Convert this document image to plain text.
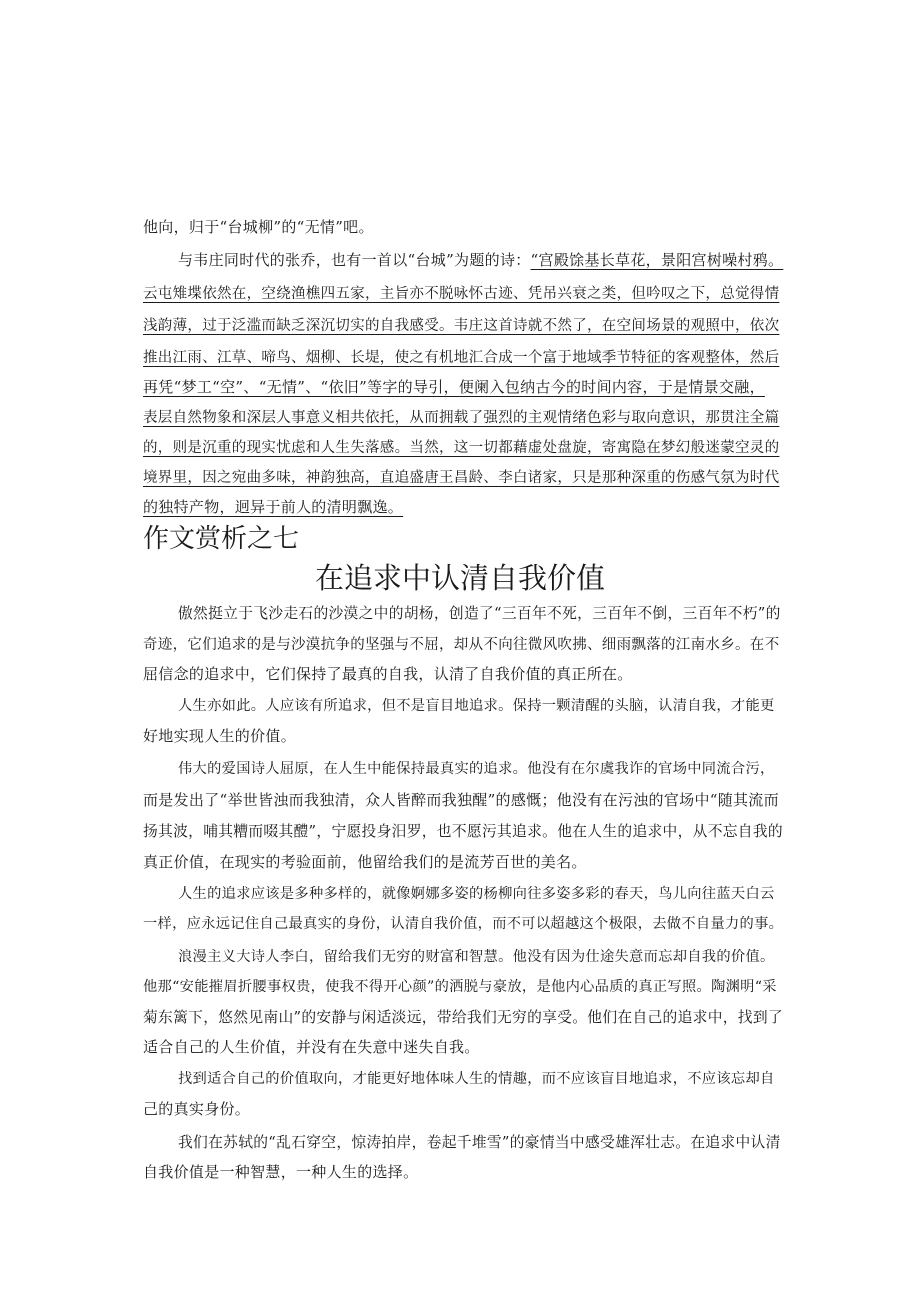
他向，归于“台城柳”的“无情”吧。
与韦庄同时代的张乔，也有一首以“台城”为题的诗：“宫殿馀基长草花，景阳宫树噪村鸦。
云屯雉堞依然在，空绕渔樵四五家，主旨亦不脱咏怀古迹、凭吊兴衰之类，但吟叹之下，总觉得情
浅韵薄，过于泛滥而缺乏深沉切实的自我感受。韦庄这首诗就不然了，在空间场景的观照中，依次
推出江雨、江草、啼鸟、烟柳、长堤，使之有机地汇合成一个富于地域季节特征的客观整体，然后
再凭“梦工“空”、“无情”、“依旧”等字的导引，便阑入包纳古今的时间内容，于是情景交融，
表层自然物象和深层人事意义相共依托，从而拥载了强烈的主观情绪色彩与取向意识，那贯注全篇
的，则是沉重的现实忧虑和人生失落感。当然，这一切都藉虚处盘旋，寄寓隐在梦幻般迷蒙空灵的
境界里，因之宛曲多味，神韵独高，直追盛唐王昌龄、李白诸家，只是那种深重的伤感气氛为时代
的独特产物，迥异于前人的清明飘逸。
作文赏析之七
在追求中认清自我价值
傲然挺立于飞沙走石的沙漠之中的胡杨，创造了“三百年不死，三百年不倒，三百年不朽”的
奇迹，它们追求的是与沙漠抗争的坚强与不屈，却从不向往微风吹拂、细雨飘落的江南水乡。在不
屈信念的追求中，它们保持了最真的自我，认清了自我价值的真正所在。
人生亦如此。人应该有所追求，但不是盲目地追求。保持一颗清醒的头脑，认清自我，才能更
好地实现人生的价值。
伟大的爱国诗人屈原，在人生中能保持最真实的追求。他没有在尔虞我诈的官场中同流合污，
而是发出了“举世皆浊而我独清，众人皆醉而我独醒”的感慨；他没有在污浊的官场中“随其流而
扬其波，哺其糟而啜其醴”，宁愿投身汨罗，也不愿污其追求。他在人生的追求中，从不忘自我的
真正价值，在现实的考验面前，他留给我们的是流芳百世的美名。
人生的追求应该是多种多样的，就像婀娜多姿的杨柳向往多姿多彩的春天，鸟儿向往蓝天白云
一样，应永远记住自己最真实的身份，认清自我价值，而不可以超越这个极限，去做不自量力的事。
浪漫主义大诗人李白，留给我们无穷的财富和智慧。他没有因为仕途失意而忘却自我的价值。
他那“安能摧眉折腰事权贵，使我不得开心颜”的洒脱与豪放，是他内心品质的真正写照。陶渊明“采
菊东篱下，悠然见南山”的安静与闲适淡远，带给我们无穷的享受。他们在自己的追求中，找到了
适合自己的人生价值，并没有在失意中迷失自我。
找到适合自己的价值取向，才能更好地体味人生的情趣，而不应该盲目地追求，不应该忘却自
己的真实身份。
我们在苏轼的“乱石穿空，惊涛拍岸，卷起千堆雪”的豪情当中感受雄浑壮志。在追求中认清
自我价值是一种智慧，一种人生的选择。
